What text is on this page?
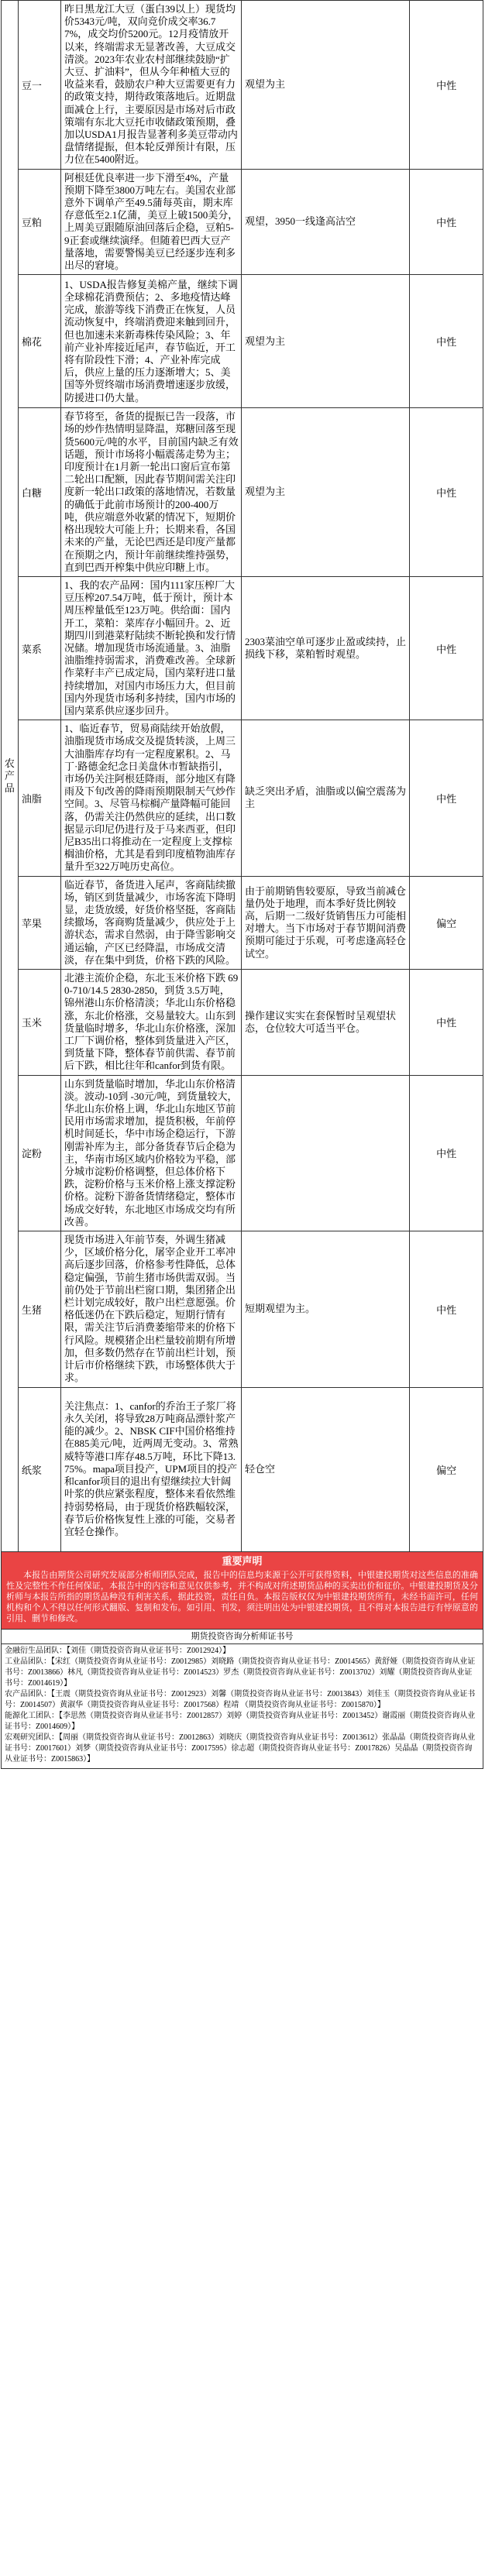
农产品	豆一	昨日黑龙江大豆（蛋白39以上）现货均价5343元/吨，双向竞价成交率36.77%，成交均价5200元。12月疫情放开以来，终端需求无显著改善，大豆成交清淡。2023年农业农村部继续鼓励“扩大豆、扩油料”，但从今年种植大豆的收益来看，鼓励农户种大豆需要更有力的政策支持，期待政策落地后。近期盘面减仓上行，主要原因是市场对后市政策端有东北大豆托市收储政策预期，叠加以USDA1月报告显著利多美豆带动内盘情绪提振，但本轮反弹预计有限，压力位在5400附近。	观望为主	中性

	豆粕	阿根廷优良率进一步下滑至4%，产量预期下降至3800万吨左右。美国农业部意外下调单产至49.5蒲每英亩，期末库存意低至2.1亿蒲，美豆上破1500美分，上周美豆跟随原油回落后企稳，豆粕5-9正套或继续演绎。但随着巴西大豆产量落地，需要警惕美豆已经逐步连利多出尽的窘境。	观望，3950一线逢高沽空	中性

	棉花	1、USDA报告修复美棉产量，继续下调全球棉花消费预估；2、多地疫情达峰完成，旅游等线下消费正在恢复，人员流动恢复中，终端消费迎来触到回升，但也加速未来新毒株传染风险；3、年前产业补库接近尾声，春节临近，开工将有阶段性下滑；4、产业补库完成后，供应上量的压力逐渐增大；5、美国等外贸终端市场消费增速逐步放缓，防援进口仍大量。	观望为主	中性

	白糖	春节将至，备货的提振已告一段落，市场的炒作热情明显降温，郑糖回落至现货5600元/吨的水平，目前国内缺乏有效话题，预计市场将小幅震荡走势为主；印度预计在1月新一轮出口窗后宣布第二轮出口配额，因此春节期间需关注印度新一轮出口政策的落地情况，若数量的确低于此前市场预计的200-400万吨，供应端意外收紧的情况下，短期价格出现较大可能上升；长期来看，各国未来的产量，无论巴西还是印度产量都在预期之内，预计年前继续维持强势，直到巴西开榨集中供应印糖上市。	观望为主	中性

	菜系	1、我的农产品网：国内111家压榨厂大豆压榨207.54万吨，低于预计，预计本周压榨量低至123万吨。供给面：国内开工，菜粕：菜库存小幅回升。2、近期四川到港菜籽陆续不断轮换和发行情况储。增加现货市场流通量。3、油脂油脂维持弱需求，消费难改善。全球新作菜籽丰产已成定局，国内菜籽进口量持续增加，对国内市场压力大，但目前国内外现货市场利多持续，国内市场的国内菜系供应逐步回升。	2303菜油空单可逐步止盈或续持，止损线下移，菜粕暂时观望。	中性

	油脂	1、临近春节，贸易商陆续开始放假，油脂现货市场成交及提货转淡，上周三大油脂库存均有一定程度累积。2、马丁·路德金纪念日美盘休市暂缺指引，市场仍关注阿根廷降雨，部分地区有降雨及下旬改善的降雨预期限制天气炒作空间。3、尽管马棕榈产量降幅可能回落，仍需关注仍然供应的延续，出口数据显示印尼仍进行及于马来西亚，但印尼B35出口将推动在一定程度上支撑棕榈油价格，尤其是看到印度植物油库存量升至322万吨历史高位。	缺乏突出矛盾，油脂或以偏空震荡为主	中性

	苹果	临近春节，备货进入尾声，客商陆续撤场，销区到货量减少，市场客流下降明显，走货放缓，好货价格坚挺，客商陆续撤场，客商购货量减少，供应处于上游状态，需求自然弱，由于降雪影响交通运输，产区已经降温，市场成交清淡，存在集中到货，价格下跌的风险。	由于前期销售较要原，导致当前减仓量仍处于地理，而本季好货比例较高，后期一二级好货销售压力可能相对增大。当下市场对于春节期间消费预期可能过于乐观，可考虑逢高轻仓试空。	偏空

	玉米	北港主流价企稳，东北玉米价格下跌 690-710/14.5 2830-2850，到货 3.5万吨，锦州港山东价格清淡；华北山东价格稳涨，东北价格涨，交易量较大。山东到货量临时增多，华北山东价格涨，深加工厂下调价格，整体到货量进入产区，到货量下降，整体春节前供需、春节前后下跌，相比往年和canfor到货有限。	操作建议实实在套保暂时呈观望状态，仓位较大可适当平仓。	中性

	淀粉	山东到货量临时增加，华北山东价格清淡。波动-10到 -30元/吨，到货量较大，华北山东价格上调，华北山东地区节前民用市场需求增加，提货积极，年前停机时间延长，华中市场企稳运行，下游刚需补库为主，部分备货春节后企稳为主，华南市场区域内价格较为平稳，部分城市淀粉价格调整，但总体价格下跌，淀粉价格与玉米价格上涨支撑淀粉价格。淀粉下游备货情绪稳定，整体市场成交好转，东北地区市场成交均有所改善。		中性

	生猪	现货市场进入年前节奏，外调生猪减少，区域价格分化，屠宰企业开工率冲高后逐步回落，价格参考性降低，总体稳定偏强，节前生猪市场供需双弱。当前仍处于节前出栏窗口期，集团猪企出栏计划完成较好，散户出栏意愿强。价格低迷仍在下跌后稳定，短期行情有限，需关注节后消费萎缩带来的价格下行风险。规模猪企出栏量较前期有所增加，但多数仍然存在节前出栏计划，预计后市价格继续下跌，市场整体供大于求。	短期观望为主。	中性

	纸浆	关注焦点：1、canfor的乔治王子浆厂将永久关闭，将导致28万吨商品漂针浆产能的减少。2、NBSK CIF中国价格维持在885美元/吨，近两周无变动。3、常熟威特等港口库存48.5万吨，环比下降13.75%。mapa项目投产，UPM项目的投产和canfor项目的退出有望继续拉大针阔叶浆的供应紧张程度，整体来看依然维持弱势格局，由于现货价格跌幅较深，春节后价格恢复性上涨的可能，交易者宜轻仓操作。	轻仓空	偏空
重要声明
本报告由期货公司研究发展部分析师团队完成，报告中的信息均来源于公开可获得资料，中银建投期货对这些信息的准确性及完整性不作任何保证，本报告中的内容和意见仅供参考，并不构成对所述期货品种的买卖出价和征价。中银建投期货及分析师与本报告所指的期货品种没有利害关系，据此投资，责任自负。本报告版权仅为中银建投期货所有，未经书面许可，任何机构和个人不得以任何形式翻版、复制和发布。如引用、刊发，须注明出处为中银建投期货，且不得对本报告进行有悖原意的引用、删节和修改。
期货投资咨询分析师证书号
金融衍生品团队：【刘佳（期货投资咨询从业证书号：Z0012924）】
工业品团队：【宋红（期货投资咨询从业证书号：Z0012985）刘晓路（期货投资咨询从业证书号：Z0014565）黄舒娅（期货投资咨询从业证书号：Z0013866）林凡（期货投资咨询从业证书号：Z0014523）罗杰（期货投资咨询从业证书号：Z0013702）刘耀（期货投资咨询从业证书号：Z0014619）】
农产品团队：【王震（期货投资咨询从业证书号：Z0012923）刘馨（期货投资咨询从业证书号：Z0013843）刘佳玉（期货投资咨询从业证书号：Z0014507）黄淑华（期货投资咨询从业证书号：Z0017568）程靖 （期货投资咨询从业证书号：Z0015870）】
能源化工团队：【李思然（期货投资咨询从业证书号：Z0012857）刘婷（期货投资咨询从业证书号：Z0013452）谢霞丽（期货投资咨询从业证书号：Z0014609）】
宏观研究团队：【周丽（期货投资咨询从业证书号：Z0012863）刘晓庆（期货投资咨询从业证书号：Z0013612）张晶晶（期货投资咨询从业证书号：Z0017601）刘梦（期货投资咨询从业证书号：Z0017595）徐志超（期货投资咨询从业证书号：Z0017826）吴晶晶（期货投资咨询从业证书号：Z0015863）】
